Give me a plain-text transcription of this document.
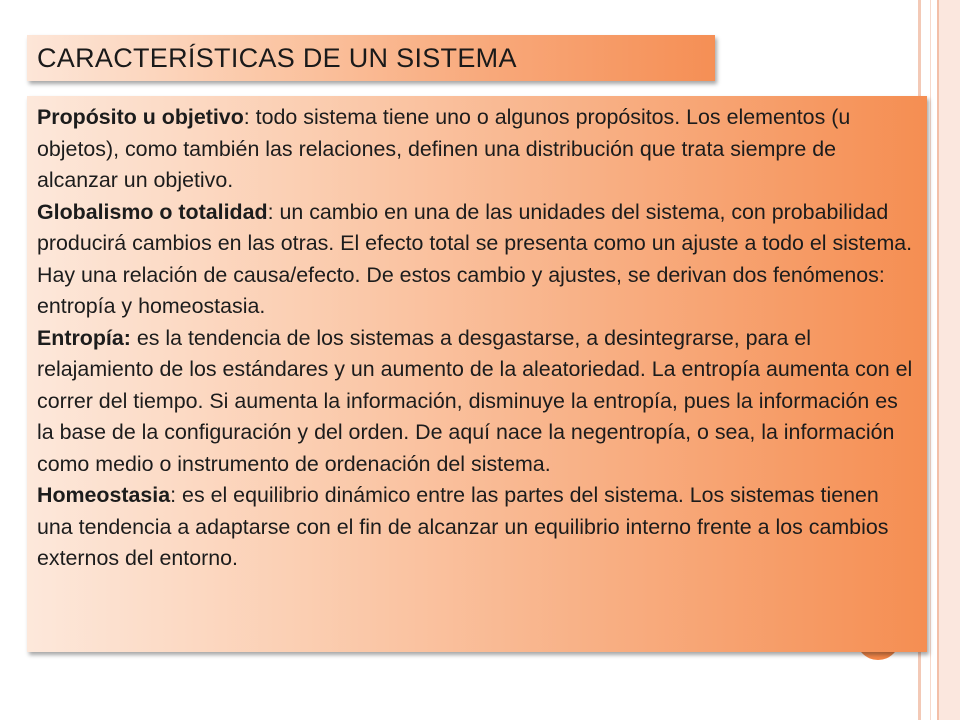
CARACTERÍSTICAS DE UN SISTEMA

Propósito u objetivo: todo sistema tiene uno o algunos propósitos. Los elementos (u objetos), como también las relaciones, definen una distribución que trata siempre de alcanzar un objetivo.

Globalismo o totalidad: un cambio en una de las unidades del sistema, con probabilidad producirá cambios en las otras. El efecto total se presenta como un ajuste a todo el sistema. Hay una relación de causa/efecto. De estos cambio y ajustes, se derivan dos fenómenos: entropía y homeostasia.

Entropía: es la tendencia de los sistemas a desgastarse, a desintegrarse, para el relajamiento de los estándares y un aumento de la aleatoriedad. La entropía aumenta con el correr del tiempo. Si aumenta la información, disminuye la entropía, pues la información es la base de la configuración y del orden. De aquí nace la negentropía, o sea, la información como medio o instrumento de ordenación del sistema.

Homeostasia: es el equilibrio dinámico entre las partes del sistema. Los sistemas tienen una tendencia a adaptarse con el fin de alcanzar un equilibrio interno frente a los cambios externos del entorno.
